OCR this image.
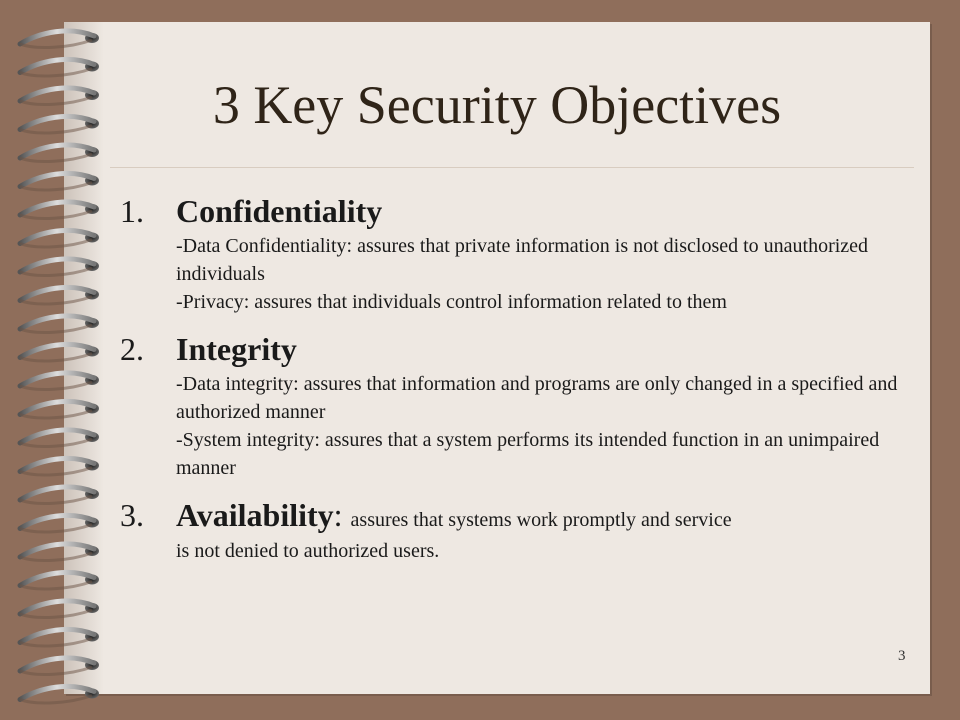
3 Key Security Objectives
1. Confidentiality
-Data Confidentiality: assures that private information is not disclosed to unauthorized individuals
-Privacy: assures that individuals control information related to them
2. Integrity
-Data integrity: assures that information and programs are only changed in a specified and authorized manner
-System integrity: assures that a system performs its intended function in an unimpaired manner
3. Availability: assures that systems work promptly and service
is not denied to authorized users.
3
